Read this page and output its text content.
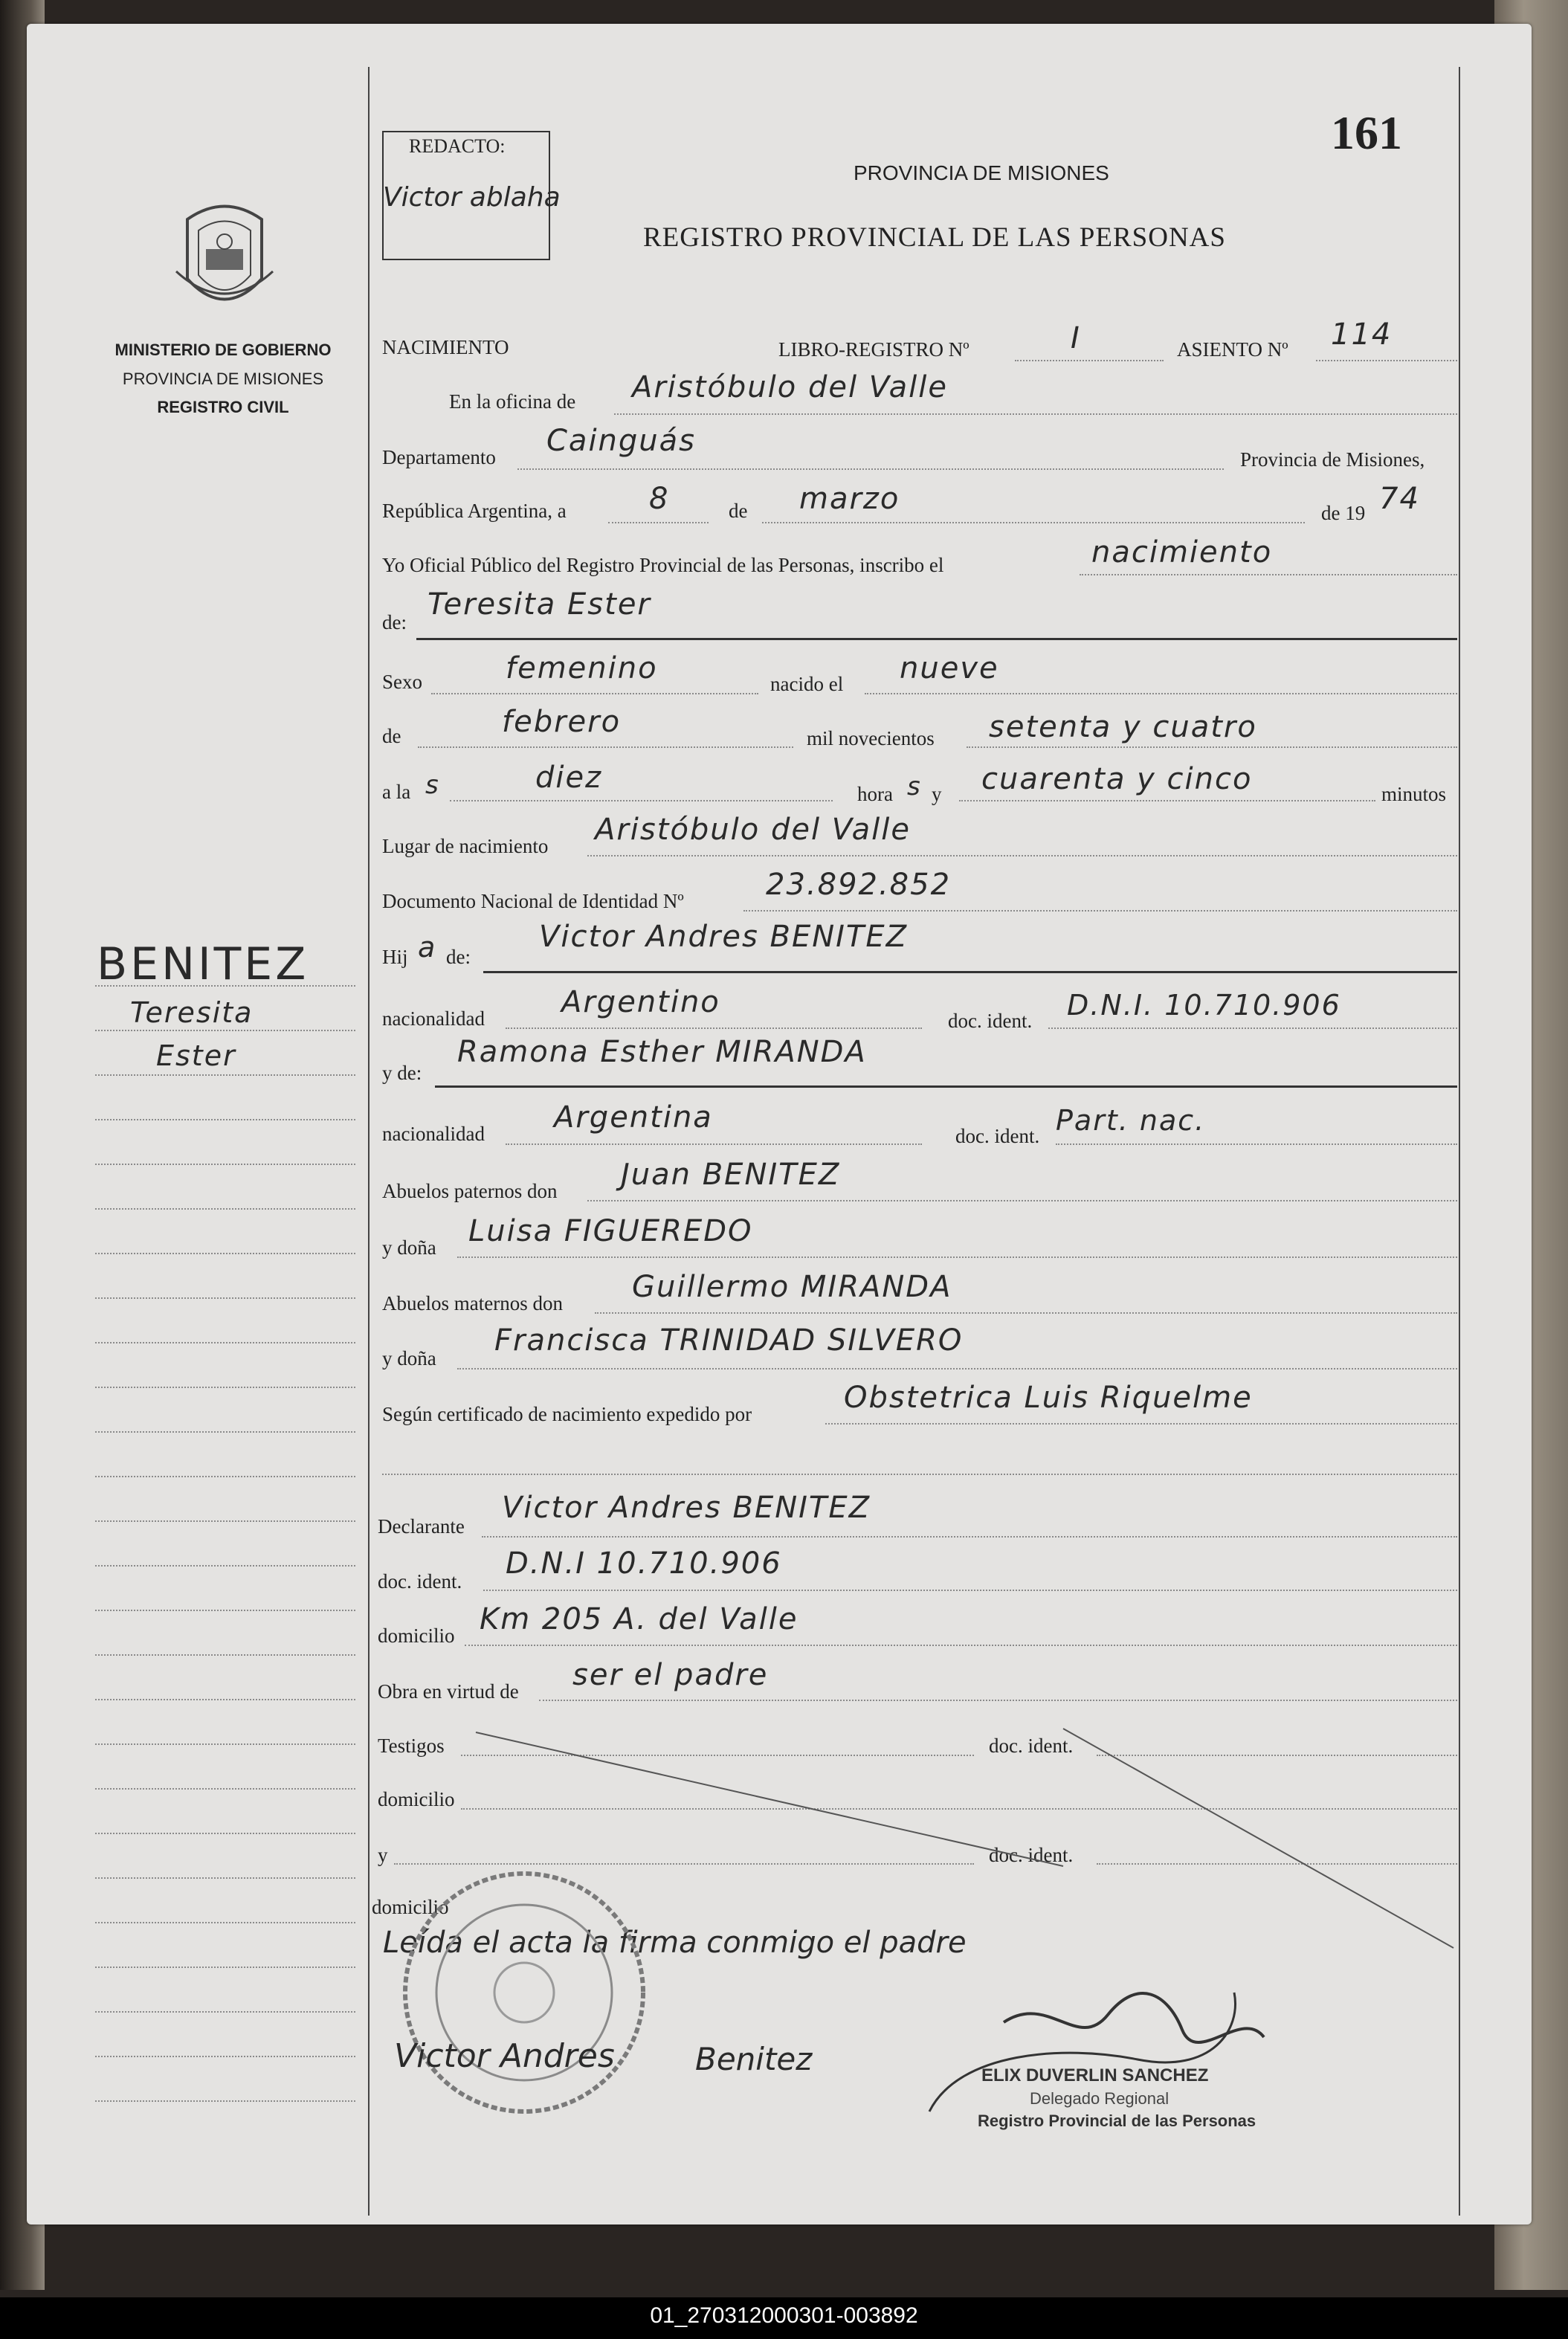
MINISTERIO DE GOBIERNO
PROVINCIA DE MISIONES
REGISTRO CIVIL
BENITEZ
Teresita
Ester
REDACTO:
Victor ablaha
161
PROVINCIA DE MISIONES
REGISTRO PROVINCIAL DE LAS PERSONAS
NACIMIENTO	LIBRO-REGISTRO Nº	I	ASIENTO Nº 114
En la oficina de Aristóbulo del Valle
Departamento Cainguás
Provincia de Misiones,
República Argentina, a	8	de marzo	de 19 74
Yo Oficial Público del Registro Provincial de las Personas, inscribo el	nacimiento
de:
Teresita Ester
Sexo	femenino	nacido el nueve
de	febrero	mil novecientos setenta y cuatro
a la s	diez	hora s y cuarenta y cinco	minutos
Lugar de nacimiento Aristóbulo del Valle
Documento Nacional de Identidad Nº	23.892.852
Hij a de:
Victor Andres BENITEZ
nacionalidad	Argentino
doc. ident. D.N.I. 10.710.906
y de:
Ramona Esther MIRANDA
nacionalidad Argentina
doc. ident. Part. nac.
Abuelos paternos don Juan BENITEZ
y doña Luisa FIGUEREDO
Abuelos maternos don Guillermo MIRANDA
y doña
Francisca TRINIDAD SILVERO
Según certificado de nacimiento expedido por	Obstetrica Luis Riquelme
Declarante
Victor Andres BENITEZ
doc. ident.
D.N.I 10.710.906
domicilio Km 205 A. del Valle
Obra en virtud de ser el padre
Testigos	doc. ident.
domicilio
y	doc. ident.
domicilio
Leída el acta la firma conmigo el padre
Victor Andres	Benitez	ELIX DUVERLIN SANCHEZ
Delegado Regional
Registro Provincial de las Personas
01_270312000301-003892
